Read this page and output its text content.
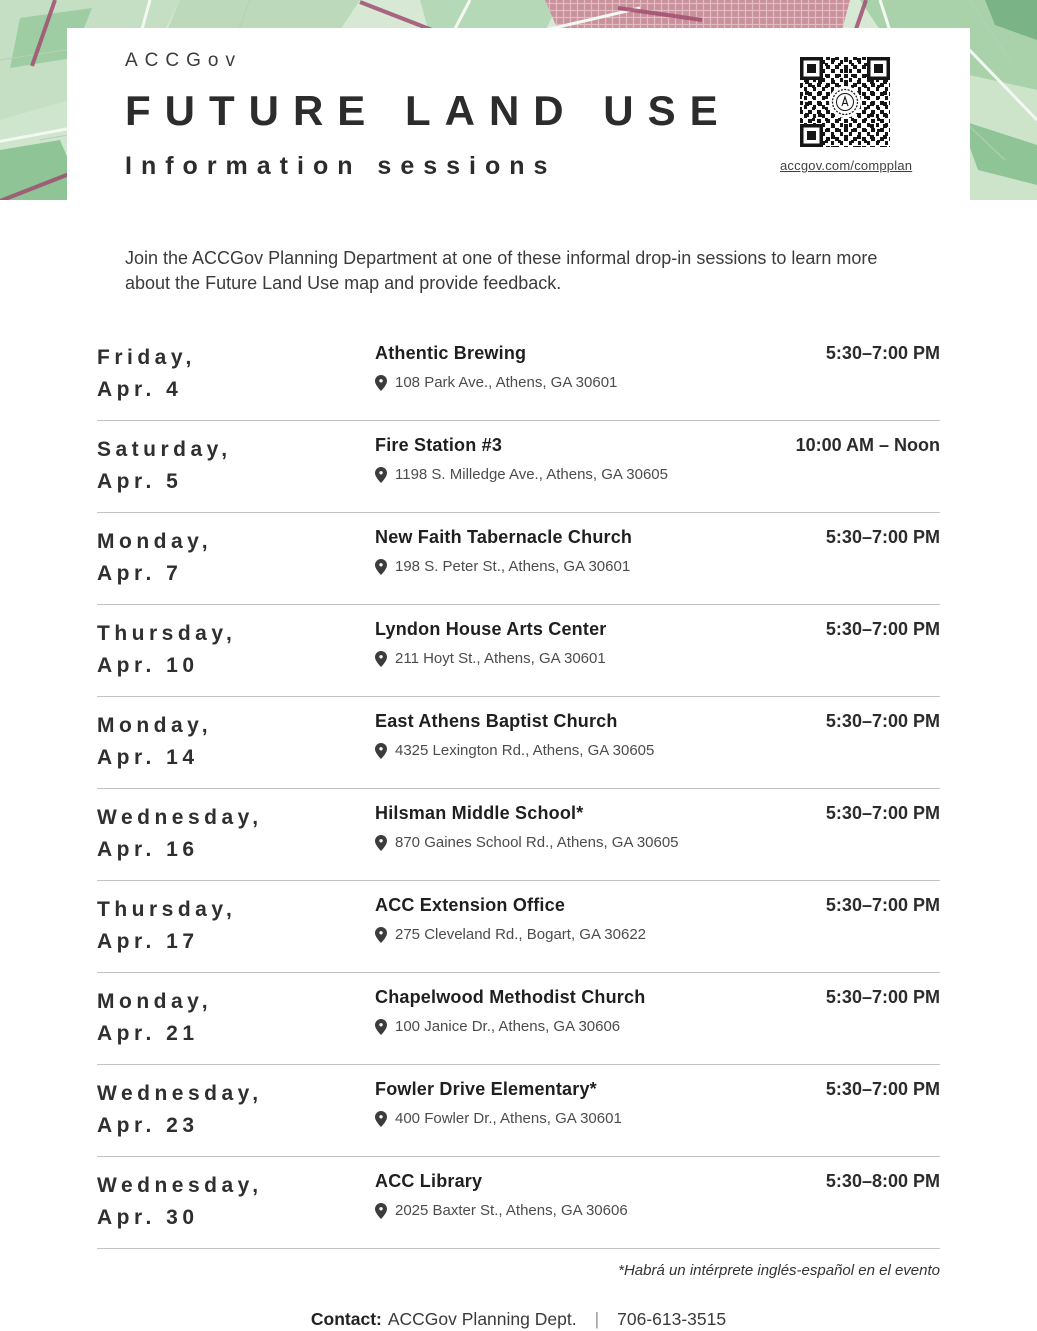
ACCGov
FUTURE LAND USE
Information sessions	accgov.com/compplan

Join the ACCGov Planning Department at one of these informal drop-in sessions to learn more about the Future Land Use map and provide feedback.

Friday,
Apr. 4
Athentic Brewing
108 Park Ave., Athens, GA 30601
5:30–7:00 PM
Saturday,
Apr. 5
Fire Station #3
1198 S. Milledge Ave., Athens, GA 30605
10:00 AM – Noon
Monday,
Apr. 7
New Faith Tabernacle Church
198 S. Peter St., Athens, GA 30601
5:30–7:00 PM
Thursday,
Apr. 10
Lyndon House Arts Center
211 Hoyt St., Athens, GA 30601
5:30–7:00 PM
Monday,
Apr. 14
East Athens Baptist Church
4325 Lexington Rd., Athens, GA 30605
5:30–7:00 PM
Wednesday,
Apr. 16
Hilsman Middle School*
870 Gaines School Rd., Athens, GA 30605
5:30–7:00 PM
Thursday,
Apr. 17
ACC Extension Office
275 Cleveland Rd., Bogart, GA 30622
5:30–7:00 PM
Monday,
Apr. 21
Chapelwood Methodist Church
100 Janice Dr., Athens, GA 30606
5:30–7:00 PM
Wednesday,
Apr. 23
Fowler Drive Elementary*
400 Fowler Dr., Athens, GA 30601
5:30–7:00 PM
Wednesday,
Apr. 30
ACC Library
2025 Baxter St., Athens, GA 30606
5:30–8:00 PM
*Habrá un intérprete inglés-español en el evento
Contact: ACCGov Planning Dept. | 706-613-3515
